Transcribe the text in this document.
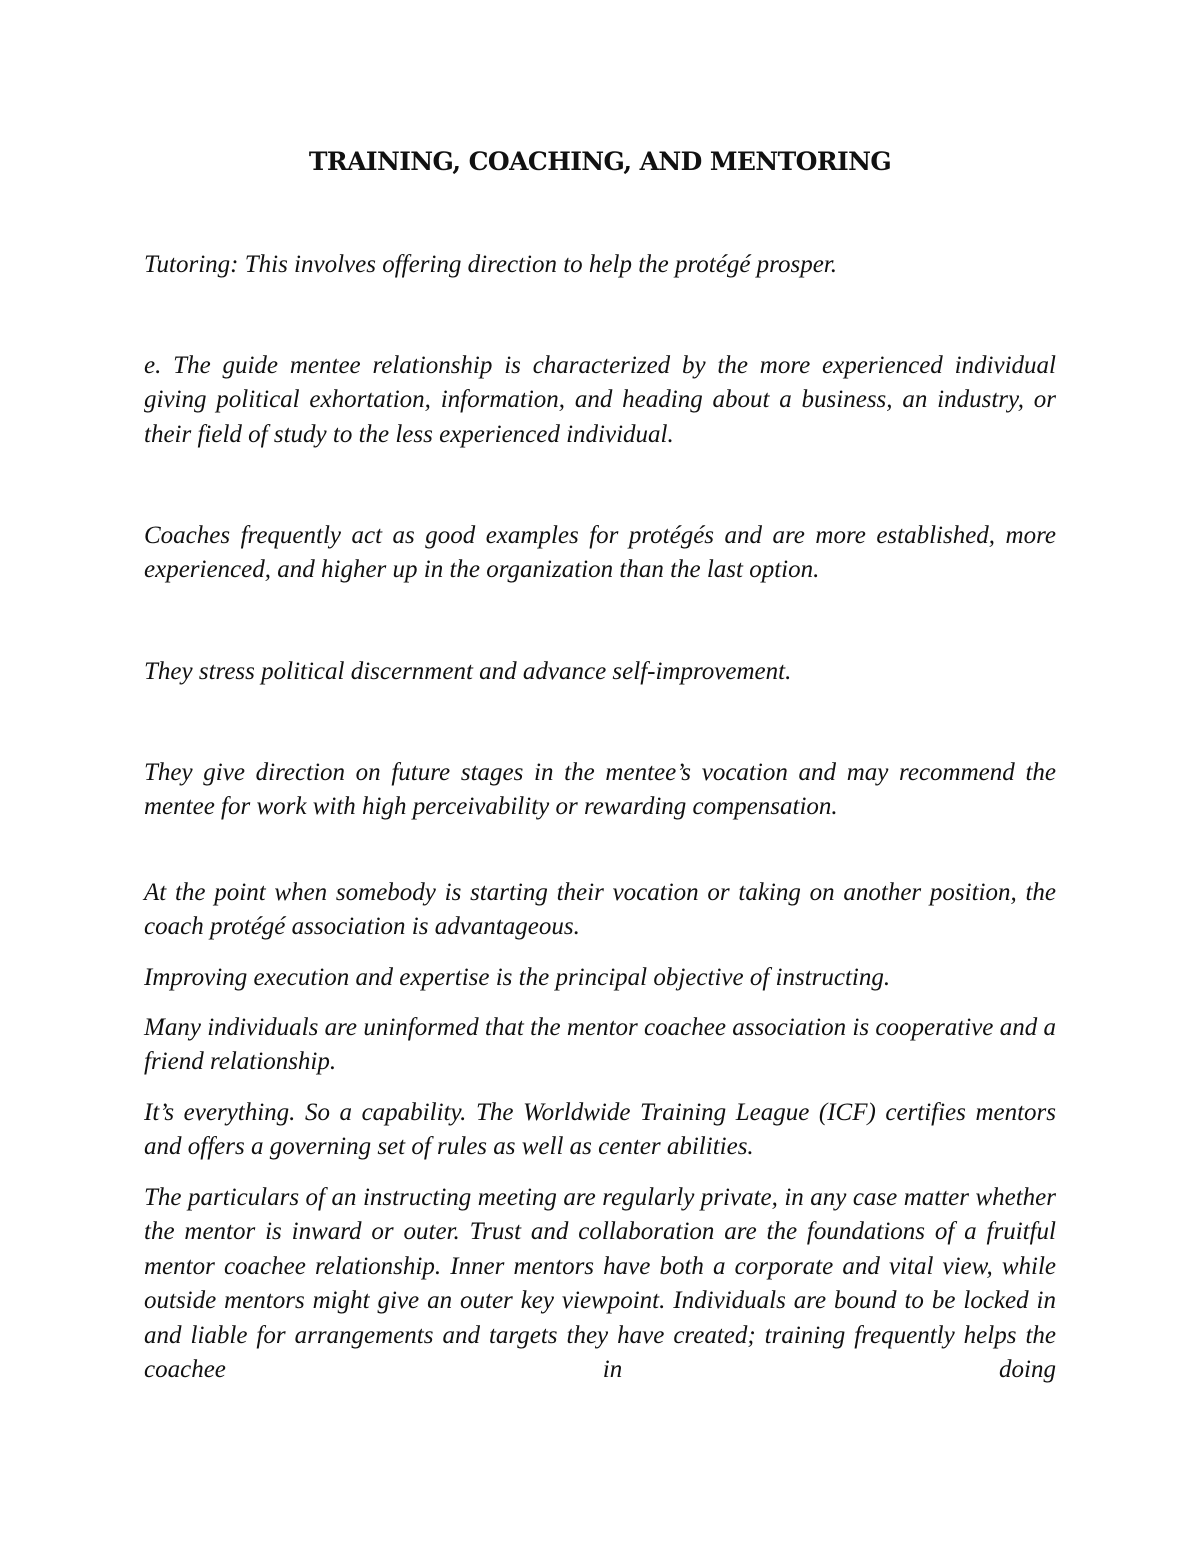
TRAINING, COACHING, AND MENTORING

Tutoring: This involves offering direction to help the protégé prosper.

e. The guide mentee relationship is characterized by the more experienced individual giving political exhortation, information, and heading about a business, an industry, or their field of study to the less experienced individual.

Coaches frequently act as good examples for protégés and are more established, more experienced, and higher up in the organization than the last option.

They stress political discernment and advance self-improvement.

They give direction on future stages in the mentee’s vocation and may recommend the mentee for work with high perceivability or rewarding compensation.

At the point when somebody is starting their vocation or taking on another position, the coach protégé association is advantageous.

Improving execution and expertise is the principal objective of instructing.

Many individuals are uninformed that the mentor coachee association is cooperative and a friend relationship.

It’s everything. So a capability. The Worldwide Training League (ICF) certifies mentors and offers a governing set of rules as well as center abilities.

The particulars of an instructing meeting are regularly private, in any case matter whether the mentor is inward or outer. Trust and collaboration are the foundations of a fruitful mentor coachee relationship. Inner mentors have both a corporate and vital view, while outside mentors might give an outer key viewpoint. Individuals are bound to be locked in and liable for arrangements and targets they have created; training frequently helps the coachee in doing
